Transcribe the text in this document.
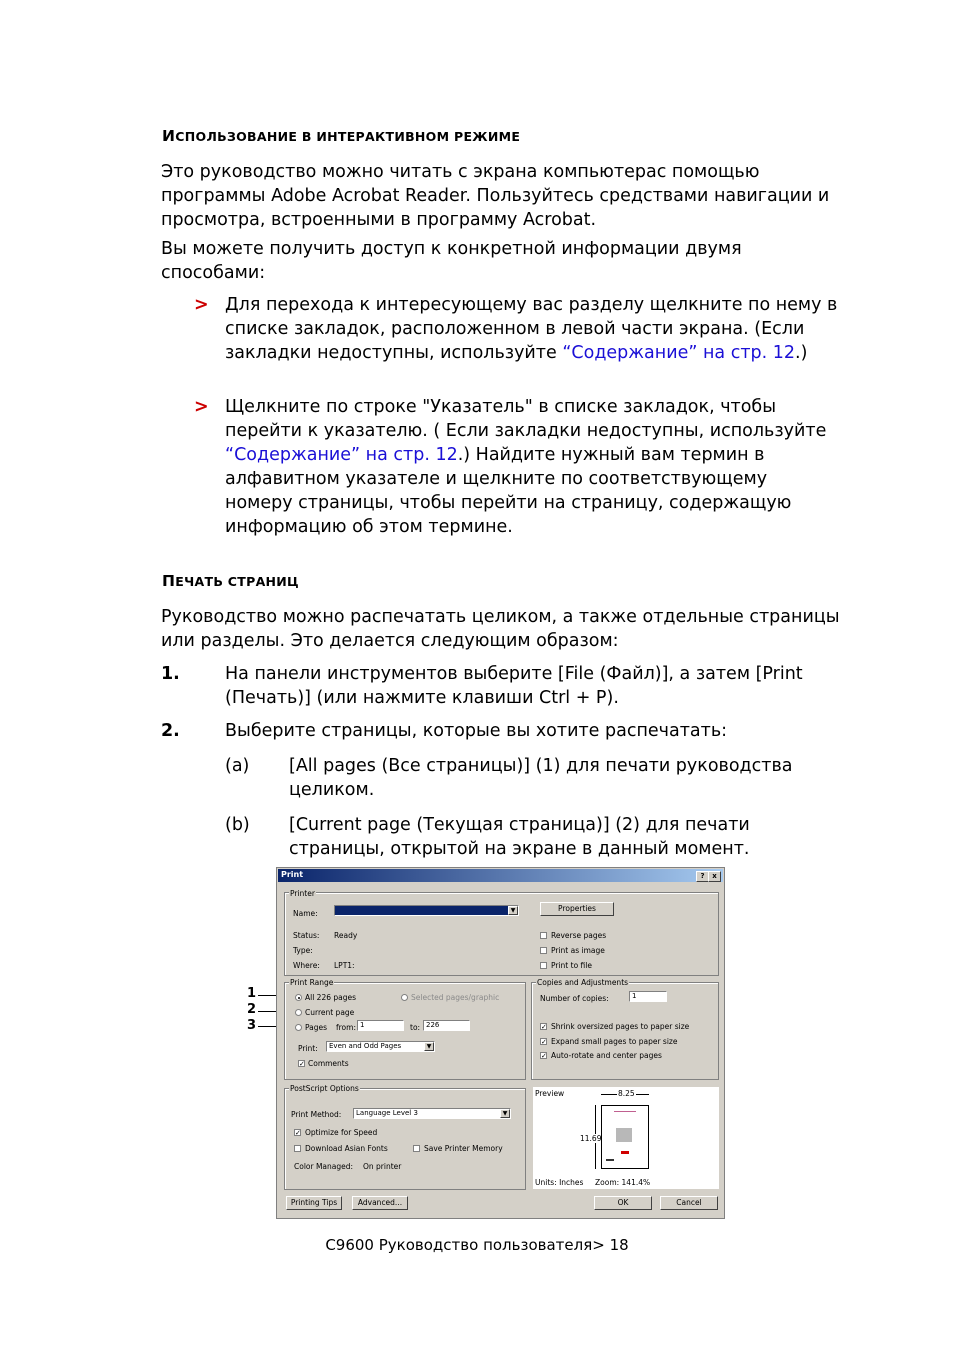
ИСПОЛЬЗОВАНИЕ В ИНТЕРАКТИВНОМ РЕЖИМЕ
Это руководство можно читать с экрана компьютерас помощью программы Adobe Acrobat Reader. Пользуйтесь средствами навигации и просмотра, встроенными в программу Acrobat.
Вы можете получить доступ к конкретной информации двумя способами:
> Для перехода к интересующему вас разделу щелкните по нему в списке закладок, расположенном в левой части экрана. (Если закладки недоступны, используйте “Содержание” на стр. 12.)
> Щелкните по строке "Указатель" в списке закладок, чтобы перейти к указателю. ( Если закладки недоступны, используйте “Содержание” на стр. 12.) Найдите нужный вам термин в алфавитном указателе и щелкните по соответствующему номеру страницы, чтобы перейти на страницу, содержащую информацию об этом термине.
ПЕЧАТЬ СТРАНИЦ
Руководство можно распечатать целиком, а также отдельные страницы или разделы. Это делается следующим образом:
1.	На панели инструментов выберите [File (Файл)], а затем [Print (Печать)] (или нажмите клавиши Ctrl + P).
2.	Выберите страницы, которые вы хотите распечатать:
(a) [All pages (Все страницы)] (1) для печати руководства целиком.
(b) [Current page (Текущая страница)] (2) для печати страницы, открытой на экране в данный момент.
1
2
3
Print	?	x
Printer
Name:	▼	Properties
Status: Ready
Type:
Where: LPT1:
Reverse pages
Print as image
Print to file
Print Range
All 226 pages	Selected pages/graphic
Current page
Pages from: 1	to: 226
Print:	Even and Odd Pages	▼
✓ Comments
Copies and Adjustments
Number of copies:	1
✓ Shrink oversized pages to paper size
✓ Expand small pages to paper size
✓ Auto-rotate and center pages
PostScript Options
Print Method:	Language Level 3	▼
✓ Optimize for Speed
Download Asian Fonts	Save Printer Memory
Color Managed: On printer
Preview	8.25
11.69
Units: Inches Zoom: 141.4%
Printing Tips	Advanced...	OK	Cancel
C9600 Руководство пользователя> 18
